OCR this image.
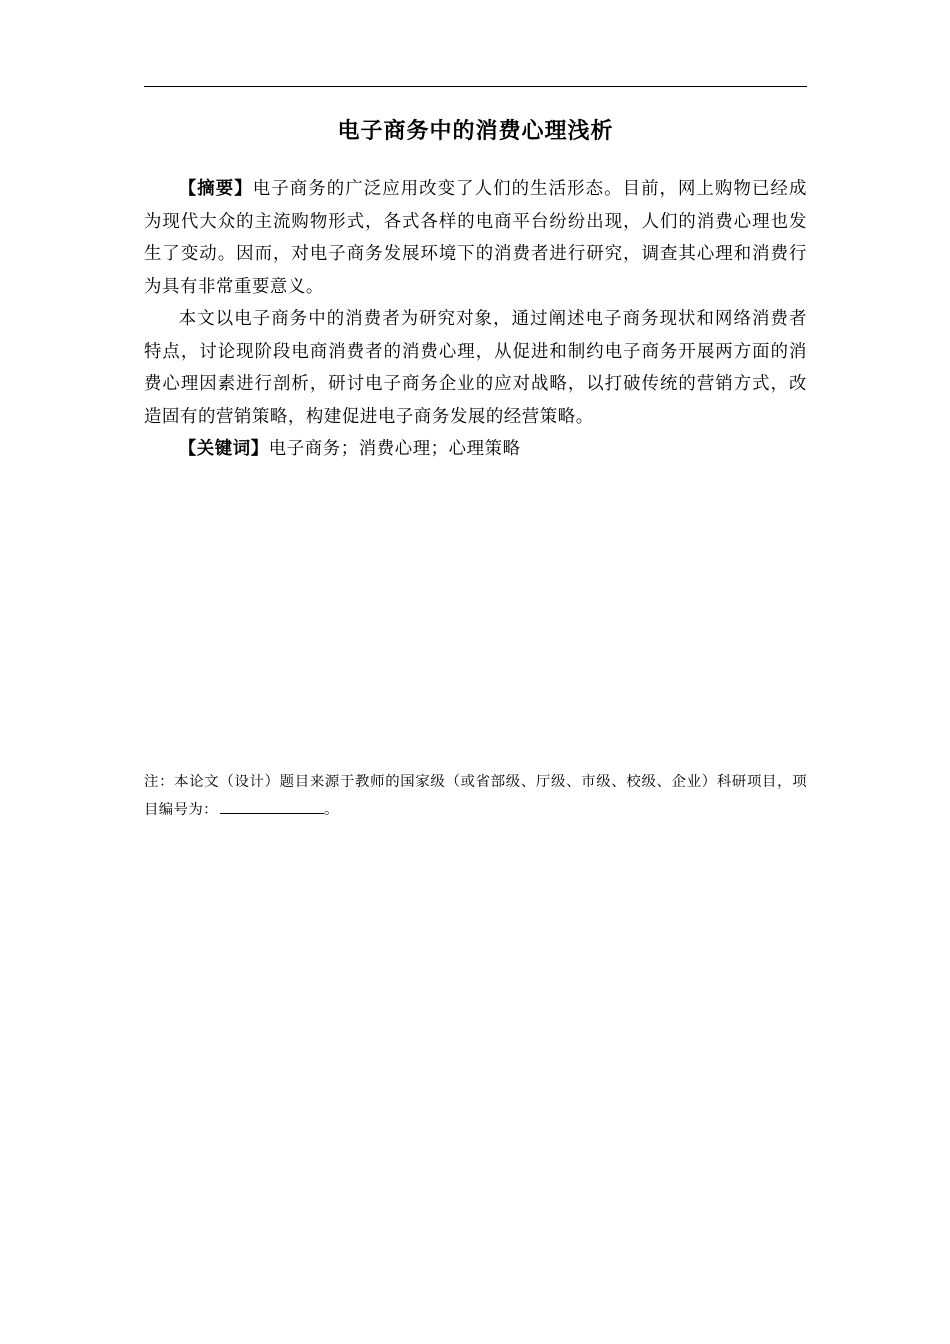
电子商务中的消费心理浅析

【摘要】电子商务的广泛应用改变了人们的生活形态。目前，网上购物已经成为现代大众的主流购物形式，各式各样的电商平台纷纷出现，人们的消费心理也发生了变动。因而，对电子商务发展环境下的消费者进行研究，调查其心理和消费行为具有非常重要意义。

本文以电子商务中的消费者为研究对象，通过阐述电子商务现状和网络消费者特点，讨论现阶段电商消费者的消费心理，从促进和制约电子商务开展两方面的消费心理因素进行剖析，研讨电子商务企业的应对战略，以打破传统的营销方式，改造固有的营销策略，构建促进电子商务发展的经营策略。

【关键词】电子商务；消费心理；心理策略

注：本论文（设计）题目来源于教师的国家级（或省部级、厅级、市级、校级、企业）科研项目，项目编号为：	。
